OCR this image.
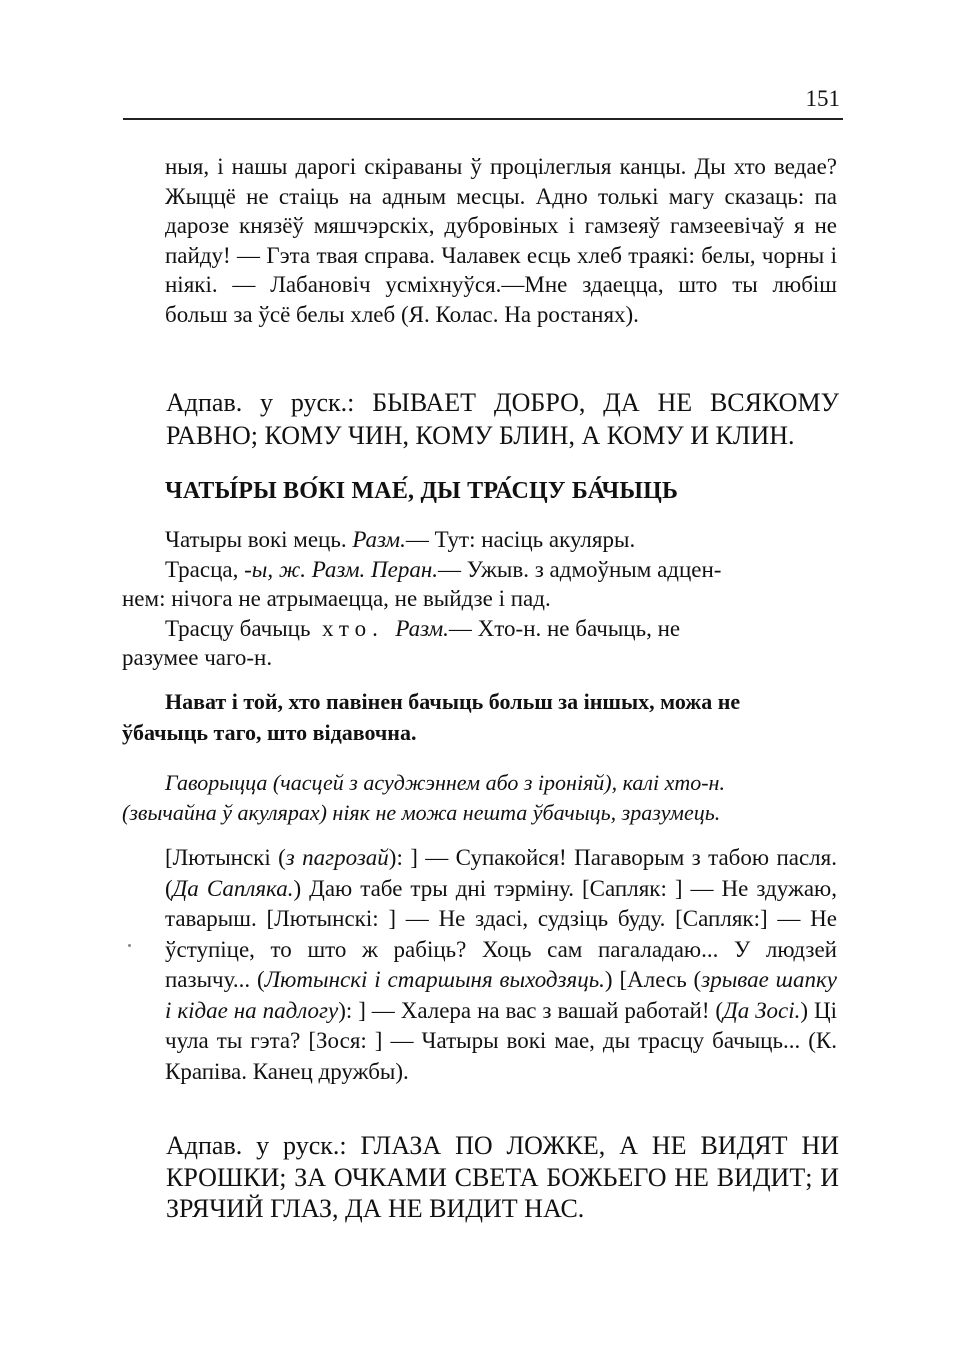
151
ныя, і нашы дарогі скіраваны ў процілеглыя канцы. Ды хто ведае? Жыццё не стаіць на адным месцы. Адно толькі магу сказаць: па дарозе князёў мяшчэрскіх, дубровіных і гамзеяў гамзеевічаў я не пайду! — Гэта твая справа. Чалавек есць хлеб траякі: белы, чорны і ніякі. — Лабановіч усміхнуўся.—Мне здаецца, што ты любіш больш за ўсё белы хлеб (Я. Колас. На ростанях).
Адпав. у руск.: БЫВАЕТ ДОБРО, ДА НЕ ВСЯКОМУ РАВНО; КОМУ ЧИН, КОМУ БЛИН, А КОМУ И КЛИН.
ЧАТЫ́РЫ ВО́КІ МАЕ́, ДЫ ТРА́СЦУ БА́ЧЫЦЬ
Чатыры вокі мець. Разм.— Тут: насіць акуляры.
Трасца, -ы, ж. Разм. Перан.— Ужыв. з адмоўным адцен-
нем: нічога не атрымаецца, не выйдзе і пад.
Трасцу бачыць хто. Разм.— Хто-н. не бачыць, не
разумее чаго-н.
Нават і той, хто павінен бачыць больш за іншых, можа не
ўбачыць таго, што відавочна.
Гаворыцца (часцей з асуджэннем або з іроніяй), калі хто-н.
(звычайна ў акулярах) ніяк не можа нешта ўбачыць, зразумець.
[Лютынскі (з пагрозай): ] — Супакойся! Пагаворым з табою пасля. (Да Сапляка.) Даю табе тры дні тэрміну. [Сапляк: ] — Не здужаю, таварыш. [Лютынскі: ] — Не здасі, судзіць буду. [Сапляк:] — Не ўступіце, то што ж рабіць? Хоць сам пагаладаю... У людзей пазычу... (Лютынскі і старшыня выходзяць.) [Алесь (зрывае шапку і кідае на падлогу): ] — Халера на вас з вашай работай! (Да Зосі.) Ці чула ты гэта? [Зося: ] — Чатыры вокі мае, ды трасцу бачыць... (К. Крапіва. Канец дружбы).
Адпав. у руск.: ГЛАЗА ПО ЛОЖКЕ, А НЕ ВИДЯТ НИ КРОШКИ; ЗА ОЧКАМИ СВЕТА БОЖЬЕГО НЕ ВИДИТ; И ЗРЯЧИЙ ГЛАЗ, ДА НЕ ВИДИТ НАС.
